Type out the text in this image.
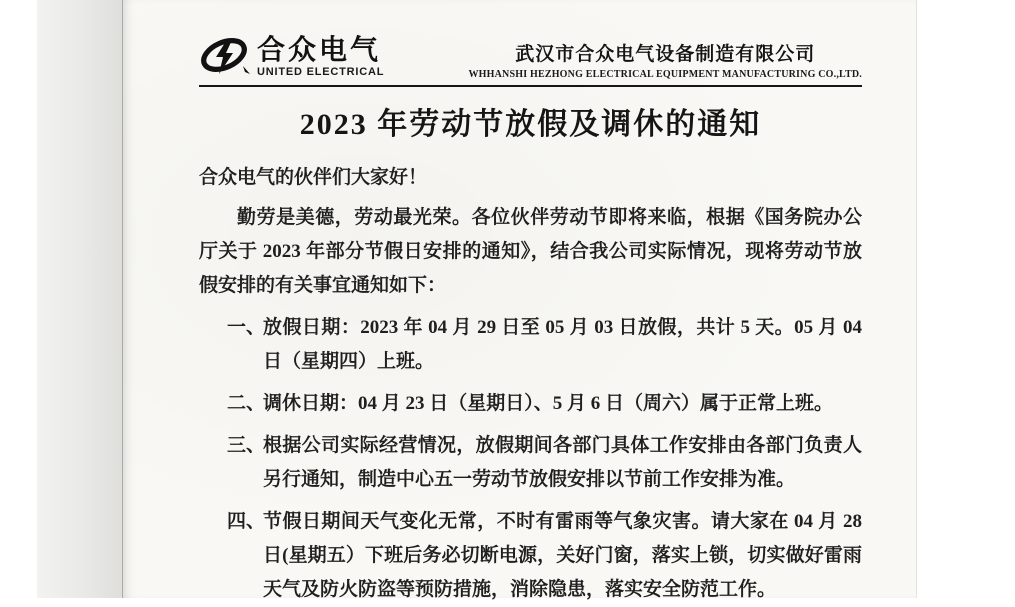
合众电气
UNITED ELECTRICAL
武汉市合众电气设备制造有限公司
WHHANSHI HEZHONG ELECTRICAL EQUIPMENT MANUFACTURING CO.,LTD.
2023 年劳动节放假及调休的通知
合众电气的伙伴们大家好！
勤劳是美德，劳动最光荣。各位伙伴劳动节即将来临，根据《国务院办公厅关于 2023 年部分节假日安排的通知》，结合我公司实际情况，现将劳动节放假安排的有关事宜通知如下：
一、
放假日期：2023 年 04 月 29 日至 05 月 03 日放假，共计 5 天。05 月 04 日（星期四）上班。
二、
调休日期：04 月 23 日（星期日）、5 月 6 日（周六）属于正常上班。
三、
根据公司实际经营情况，放假期间各部门具体工作安排由各部门负责人另行通知，制造中心五一劳动节放假安排以节前工作安排为准。
四、
节假日期间天气变化无常，不时有雷雨等气象灾害。请大家在 04 月 28 日(星期五）下班后务必切断电源，关好门窗，落实上锁，切实做好雷雨天气及防火防盗等预防措施，消除隐患，落实安全防范工作。
